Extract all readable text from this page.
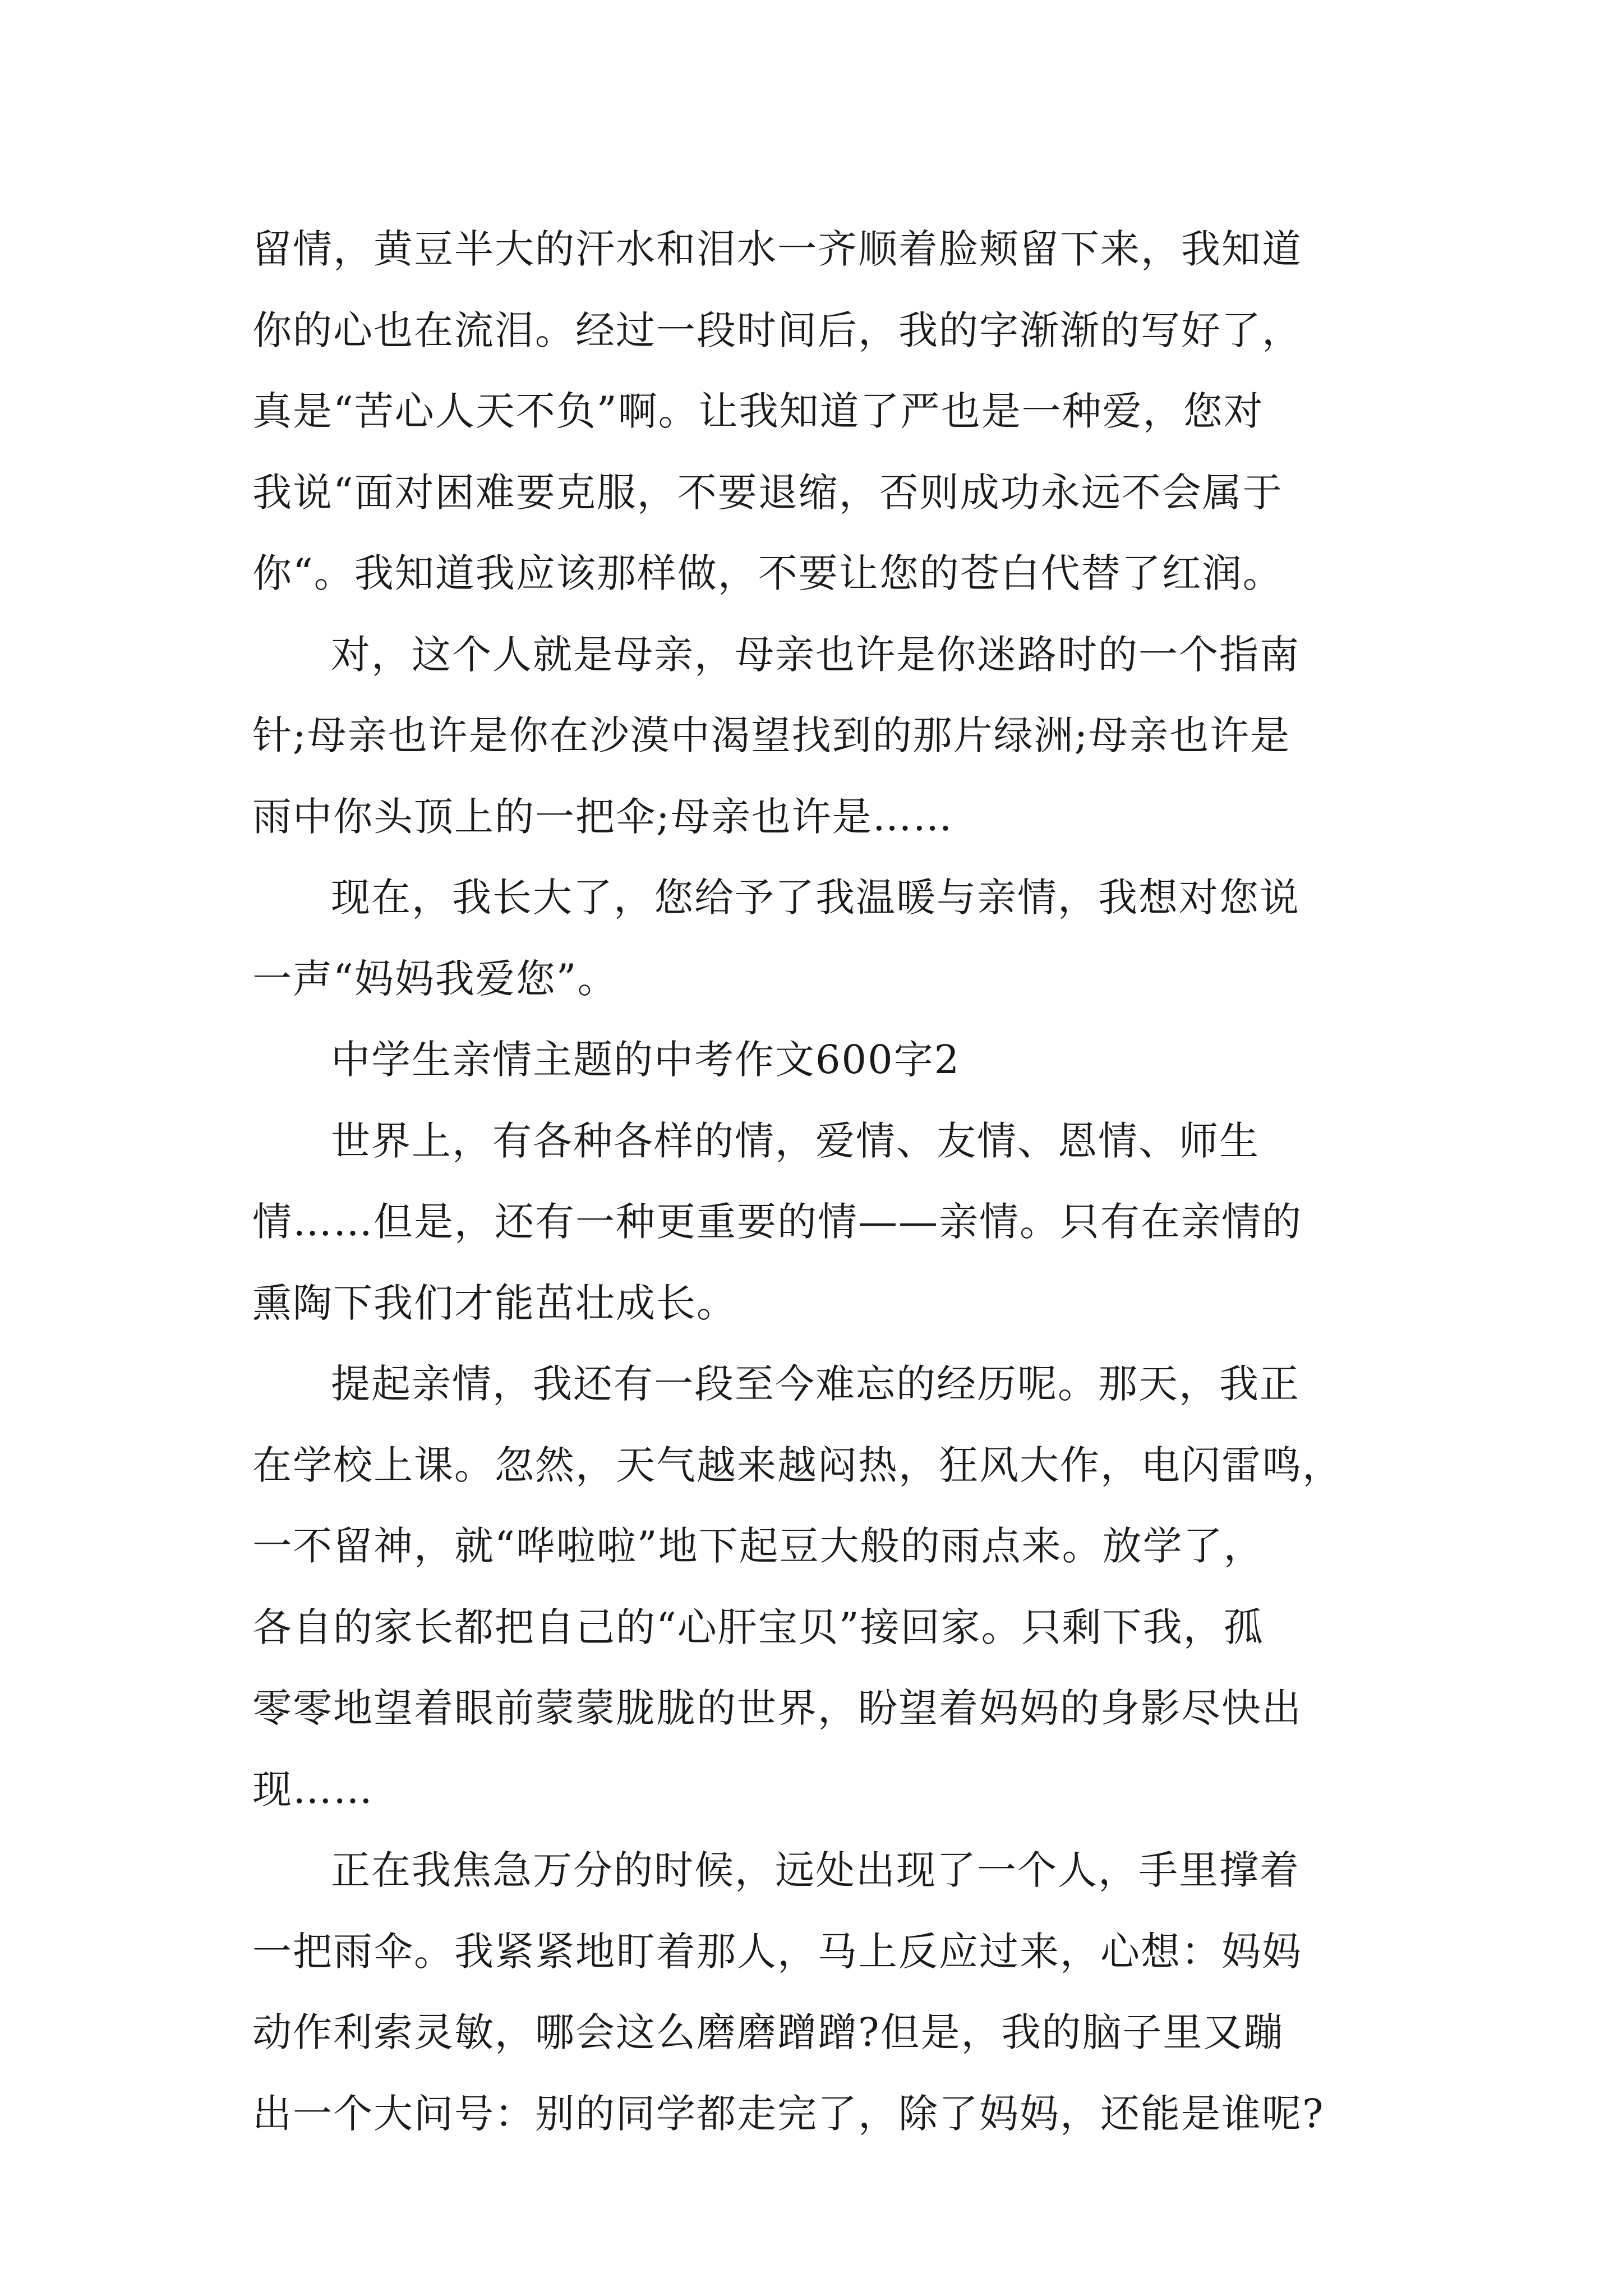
留情，黄豆半大的汗水和泪水一齐顺着脸颊留下来，我知道
你的心也在流泪。经过一段时间后，我的字渐渐的写好了，
真是“苦心人天不负”啊。让我知道了严也是一种爱，您对
我说“面对困难要克服，不要退缩，否则成功永远不会属于
你“。我知道我应该那样做，不要让您的苍白代替了红润。
对，这个人就是母亲，母亲也许是你迷路时的一个指南
针;母亲也许是你在沙漠中渴望找到的那片绿洲;母亲也许是
雨中你头顶上的一把伞;母亲也许是……
现在，我长大了，您给予了我温暖与亲情，我想对您说
一声“妈妈我爱您”。
中学生亲情主题的中考作文600字2
世界上，有各种各样的情，爱情、友情、恩情、师生
情……但是，还有一种更重要的情——亲情。只有在亲情的
熏陶下我们才能茁壮成长。
提起亲情，我还有一段至今难忘的经历呢。那天，我正
在学校上课。忽然，天气越来越闷热，狂风大作，电闪雷鸣，
一不留神，就“哗啦啦”地下起豆大般的雨点来。放学了，
各自的家长都把自己的“心肝宝贝”接回家。只剩下我，孤
零零地望着眼前蒙蒙胧胧的世界，盼望着妈妈的身影尽快出
现……
正在我焦急万分的时候，远处出现了一个人，手里撑着
一把雨伞。我紧紧地盯着那人，马上反应过来，心想：妈妈
动作利索灵敏，哪会这么磨磨蹭蹭?但是，我的脑子里又蹦
出一个大问号：别的同学都走完了，除了妈妈，还能是谁呢?
